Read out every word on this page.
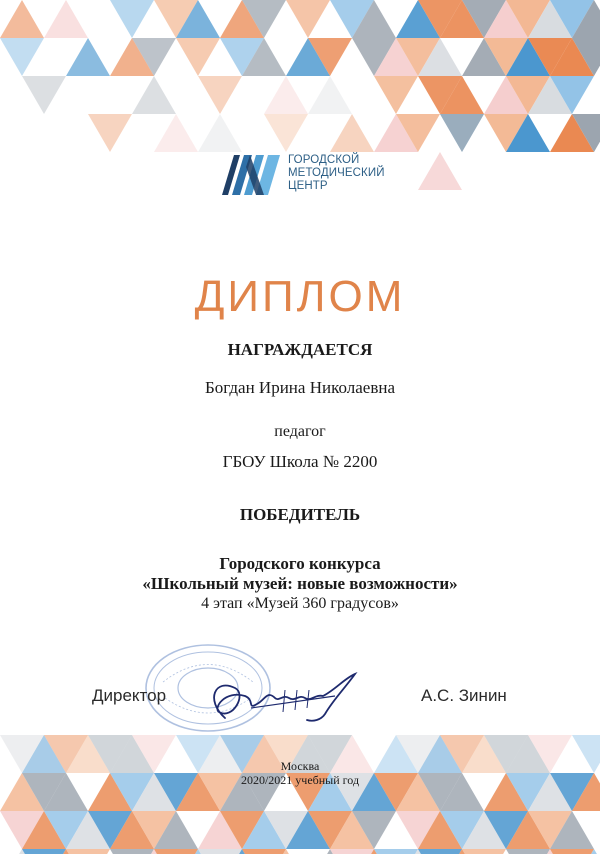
ГОРОДСКОЙ
МЕТОДИЧЕСКИЙ
ЦЕНТР
ДИПЛОМ
НАГРАЖДАЕТСЯ
Богдан Ирина Николаевна
педагог
ГБОУ Школа № 2200
ПОБЕДИТЕЛЬ
Городского конкурса
«Школьный музей: новые возможности»
4 этап «Музей 360 градусов»
Директор	А.С. Зинин
Москва
2020/2021 учебный год
